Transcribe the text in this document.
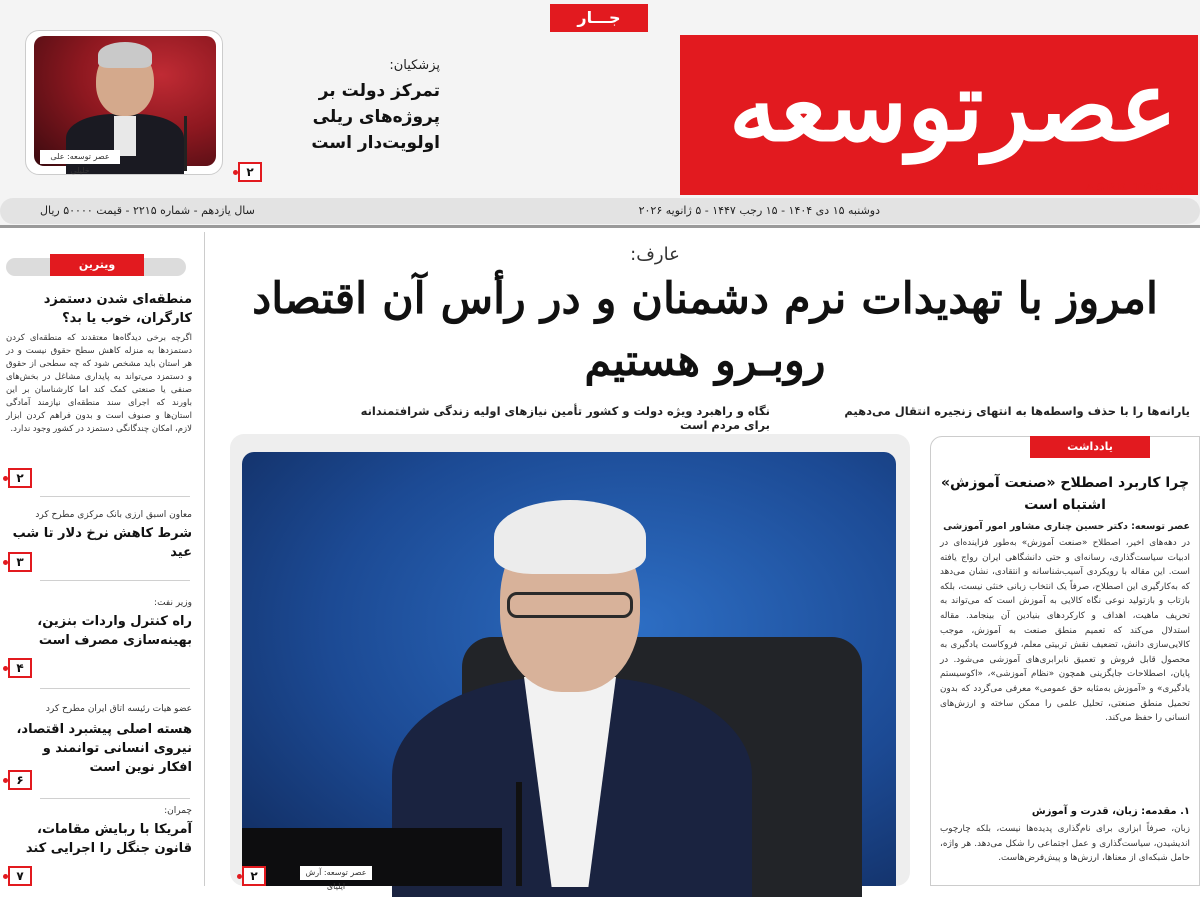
عصرتوسعه
ASRE TOSEE
جـــار
عصر توسعه: علی خلیلی
پزشکیان:
تمرکز دولت بر پروژه‌های ریلی اولویت‌دار است
۲
سال یازدهم - شماره ۲۲۱۵ - قیمت ۵۰۰۰۰ ریال	دوشنبه ۱۵ دی ۱۴۰۴ - ۱۵ رجب ۱۴۴۷ - ۵ ژانویه ۲۰۲۶
ویترین
منطقه‌ای شدن دستمزد کارگران، خوب یا بد؟
اگرچه برخی دیدگاه‌ها معتقدند که منطقه‌ای کردن دستمزدها به منزله کاهش سطح حقوق نیست و در هر استان باید مشخص شود که چه سطحی از حقوق و دستمزد می‌تواند به پایداری مشاغل در بخش‌های صنفی یا صنعتی کمک کند اما کارشناسان بر این باورند که اجرای سند منطقه‌ای نیازمند آمادگی استان‌ها و صنوف است و بدون فراهم کردن ابزار لازم، امکان چندگانگی دستمزد در کشور وجود ندارد.
۲
معاون اسبق ارزی بانک مرکزی مطرح کرد
شرط کاهش نرخ دلار تا شب عید
۳
وزیر نفت:
راه کنترل واردات بنزین، بهینه‌سازی مصرف است
۴
عضو هیات رئیسه اتاق ایران مطرح کرد
هسته اصلی پیشبرد اقتصاد، نیروی انسانی توانمند و افکار نوین است
۶
چمران:
آمریکا با ربایش مقامات، قانون جنگل را اجرایی کند
۷
عارف:
امروز با تهدیدات نرم دشمنان و در رأس آن اقتصاد روبـرو هستیم
یارانه‌ها را با حذف واسطه‌ها به انتهای زنجیره انتقال می‌دهیم
نگاه و راهبرد ویژه دولت و کشور تأمین نیازهای اولیه زندگی شرافتمندانه برای مردم است
عصر توسعه: آرش ایلیای
۲
یادداشت
چرا کاربرد اصطلاح «صنعت آموزش» اشتباه است
عصر توسعه: دکتر حسین چناری مشاور امور آموزشی
در دهه‌های اخیر، اصطلاح «صنعت آموزش» به‌طور فزاینده‌ای در ادبیات سیاست‌گذاری، رسانه‌ای و حتی دانشگاهی ایران رواج یافته است. این مقاله با رویکردی آسیب‌شناسانه و انتقادی، نشان می‌دهد که به‌کارگیری این اصطلاح، صرفاً یک انتخاب زبانی خنثی نیست، بلکه بازتاب و بازتولید نوعی نگاه کالایی به آموزش است که می‌تواند به تحریف ماهیت، اهداف و کارکردهای بنیادین آن بینجامد. مقاله استدلال می‌کند که تعمیم منطق صنعت به آموزش، موجب کالایی‌سازی دانش، تضعیف نقش تربیتی معلم، فروکاست یادگیری به محصول قابل فروش و تعمیق نابرابری‌های آموزشی می‌شود. در پایان، اصطلاحات جایگزینی همچون «نظام آموزشی»، «اکوسیستم یادگیری» و «آموزش به‌مثابه حق عمومی» معرفی می‌گردد که بدون تحمیل منطق صنعتی، تحلیل علمی را ممکن ساخته و ارزش‌های انسانی را حفظ می‌کند.
۱. مقدمه: زبان، قدرت و آموزش
زبان، صرفاً ابزاری برای نام‌گذاری پدیده‌ها نیست، بلکه چارچوب اندیشیدن، سیاست‌گذاری و عمل اجتماعی را شکل می‌دهد. هر واژه، حامل شبکه‌ای از معناها، ارزش‌ها و پیش‌فرض‌هاست.
